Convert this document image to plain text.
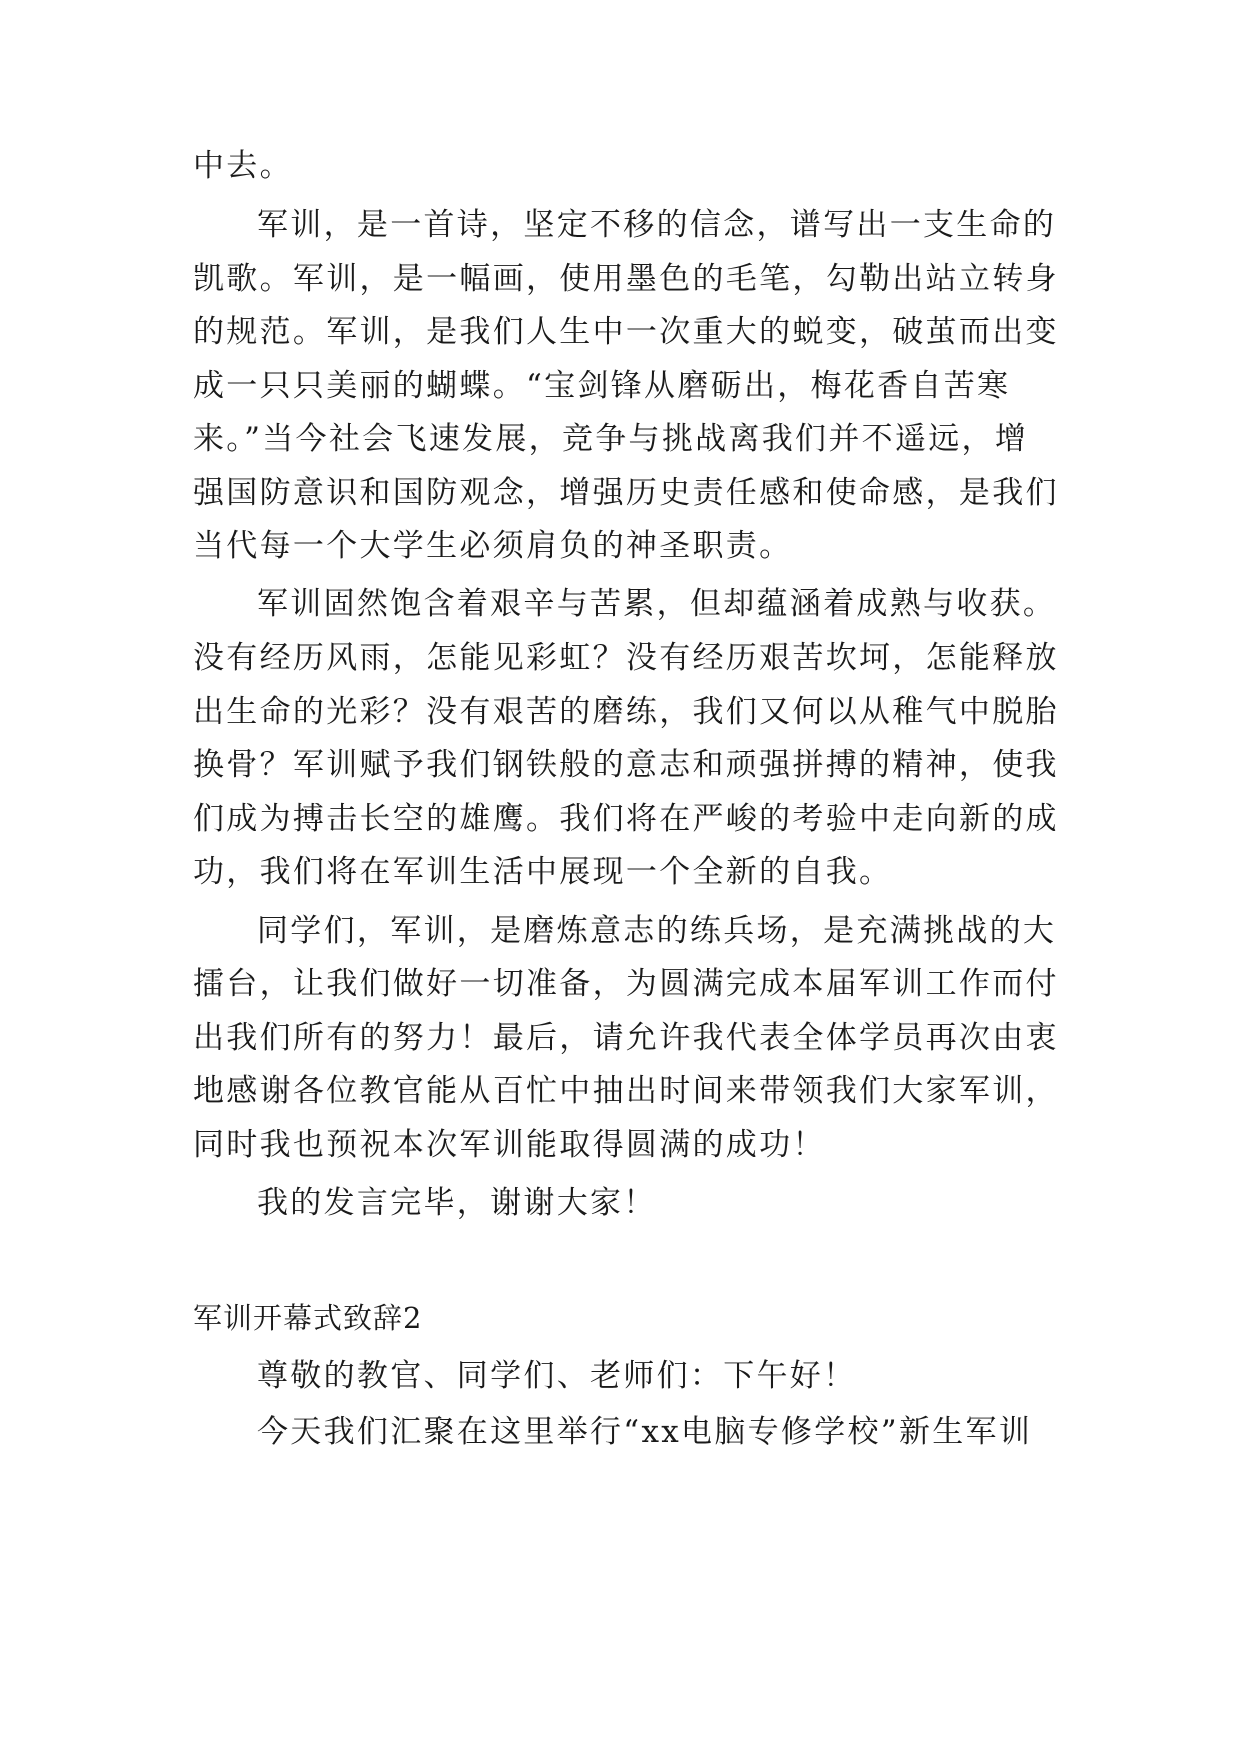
中去。
军训，是一首诗，坚定不移的信念，谱写出一支生命的
凯歌。军训，是一幅画，使用墨色的毛笔，勾勒出站立转身
的规范。军训，是我们人生中一次重大的蜕变，破茧而出变
成一只只美丽的蝴蝶。“宝剑锋从磨砺出，梅花香自苦寒
来。”当今社会飞速发展，竞争与挑战离我们并不遥远，增
强国防意识和国防观念，增强历史责任感和使命感，是我们
当代每一个大学生必须肩负的神圣职责。
军训固然饱含着艰辛与苦累，但却蕴涵着成熟与收获。
没有经历风雨，怎能见彩虹？没有经历艰苦坎坷，怎能释放
出生命的光彩？没有艰苦的磨练，我们又何以从稚气中脱胎
换骨？军训赋予我们钢铁般的意志和顽强拼搏的精神，使我
们成为搏击长空的雄鹰。我们将在严峻的考验中走向新的成
功，我们将在军训生活中展现一个全新的自我。
同学们，军训，是磨炼意志的练兵场，是充满挑战的大
擂台，让我们做好一切准备，为圆满完成本届军训工作而付
出我们所有的努力！最后，请允许我代表全体学员再次由衷
地感谢各位教官能从百忙中抽出时间来带领我们大家军训，
同时我也预祝本次军训能取得圆满的成功！
我的发言完毕，谢谢大家！
军训开幕式致辞2
尊敬的教官、同学们、老师们：下午好！
今天我们汇聚在这里举行“xx电脑专修学校”新生军训
